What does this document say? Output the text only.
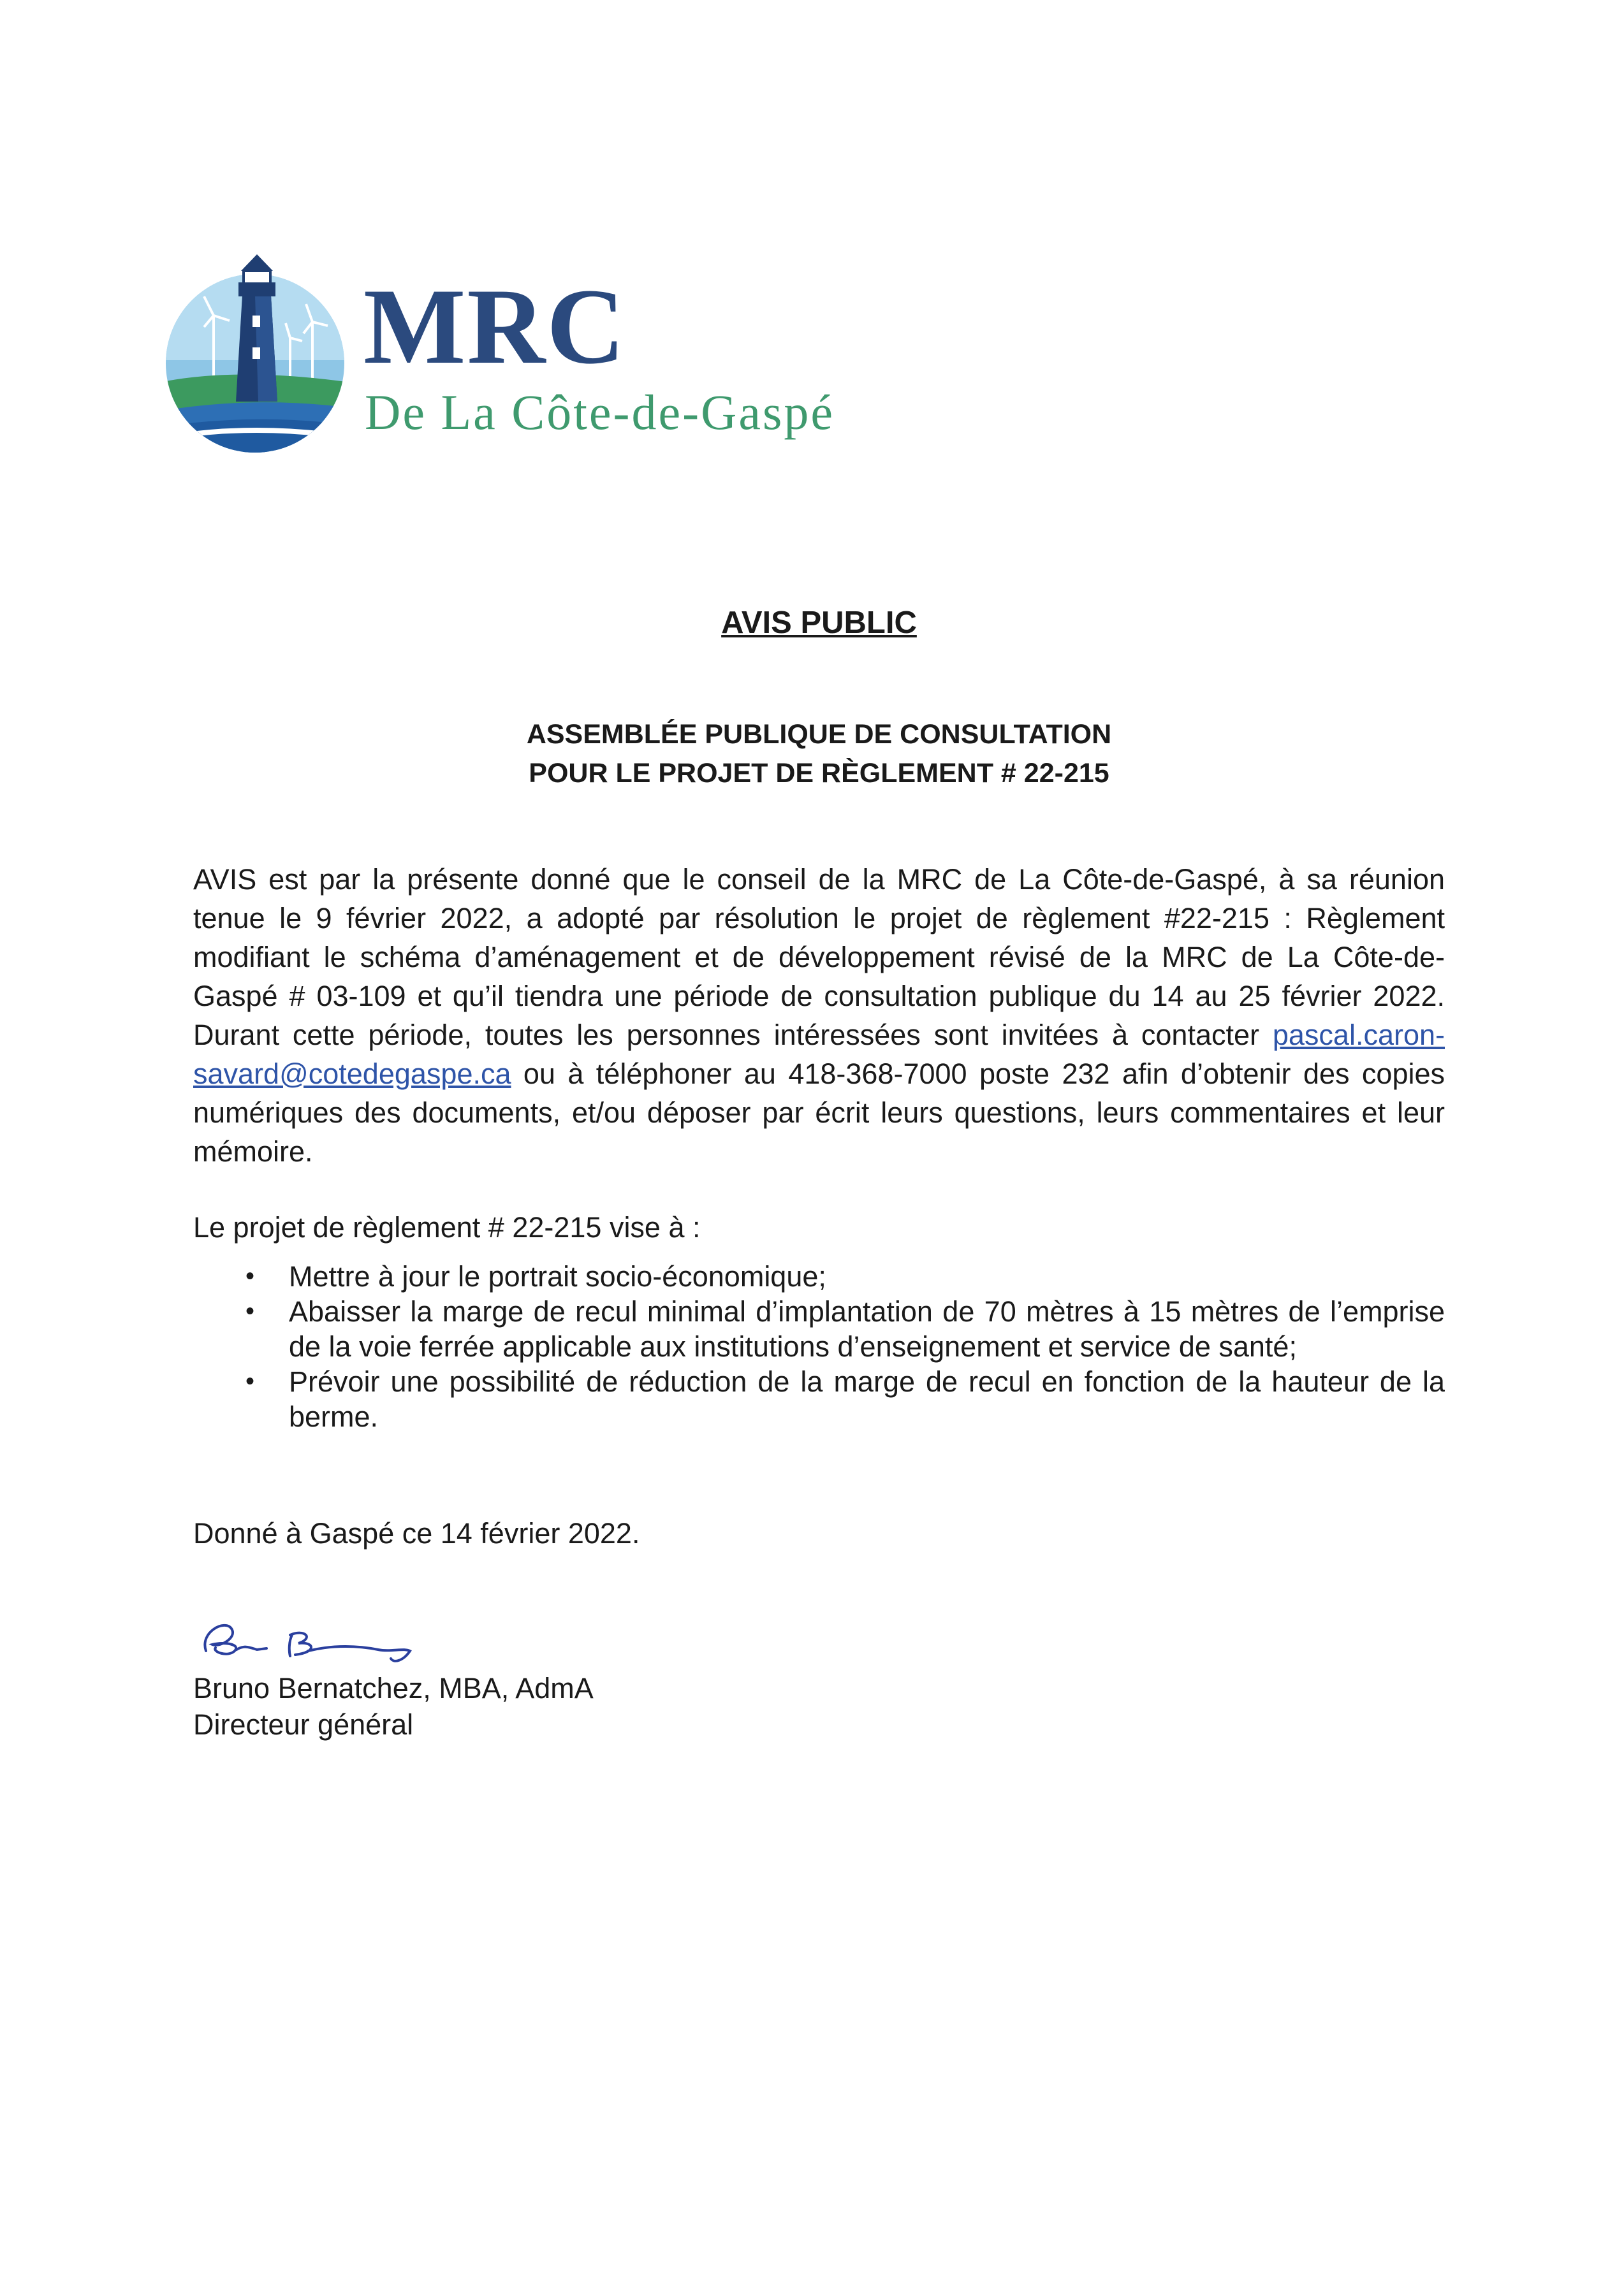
MRC
De La Côte-de-Gaspé
AVIS PUBLIC
ASSEMBLÉE PUBLIQUE DE CONSULTATION
POUR LE PROJET DE RÈGLEMENT # 22-215

AVIS est par la présente donné que le conseil de la MRC de La Côte-de-Gaspé, à sa réunion tenue le 9 février 2022, a adopté par résolution le projet de règlement #22-215 : Règlement modifiant le schéma d’aménagement et de développement révisé de la MRC de La Côte-de-Gaspé # 03-109 et qu’il tiendra une période de consultation publique du 14 au 25 février 2022. Durant cette période, toutes les personnes intéressées sont invitées à contacter pascal.caron-savard@cotedegaspe.ca ou à téléphoner au 418-368-7000 poste 232 afin d’obtenir des copies numériques des documents, et/ou déposer par écrit leurs questions, leurs commentaires et leur mémoire.

Le projet de règlement # 22-215 vise à :

• Mettre à jour le portrait socio-économique;
• Abaisser la marge de recul minimal d’implantation de 70 mètres à 15 mètres de l’emprise de la voie ferrée applicable aux institutions d’enseignement et service de santé;
• Prévoir une possibilité de réduction de la marge de recul en fonction de la hauteur de la berme.

Donné à Gaspé ce 14 février 2022.

Bruno Bernatchez, MBA, AdmA

Directeur général
